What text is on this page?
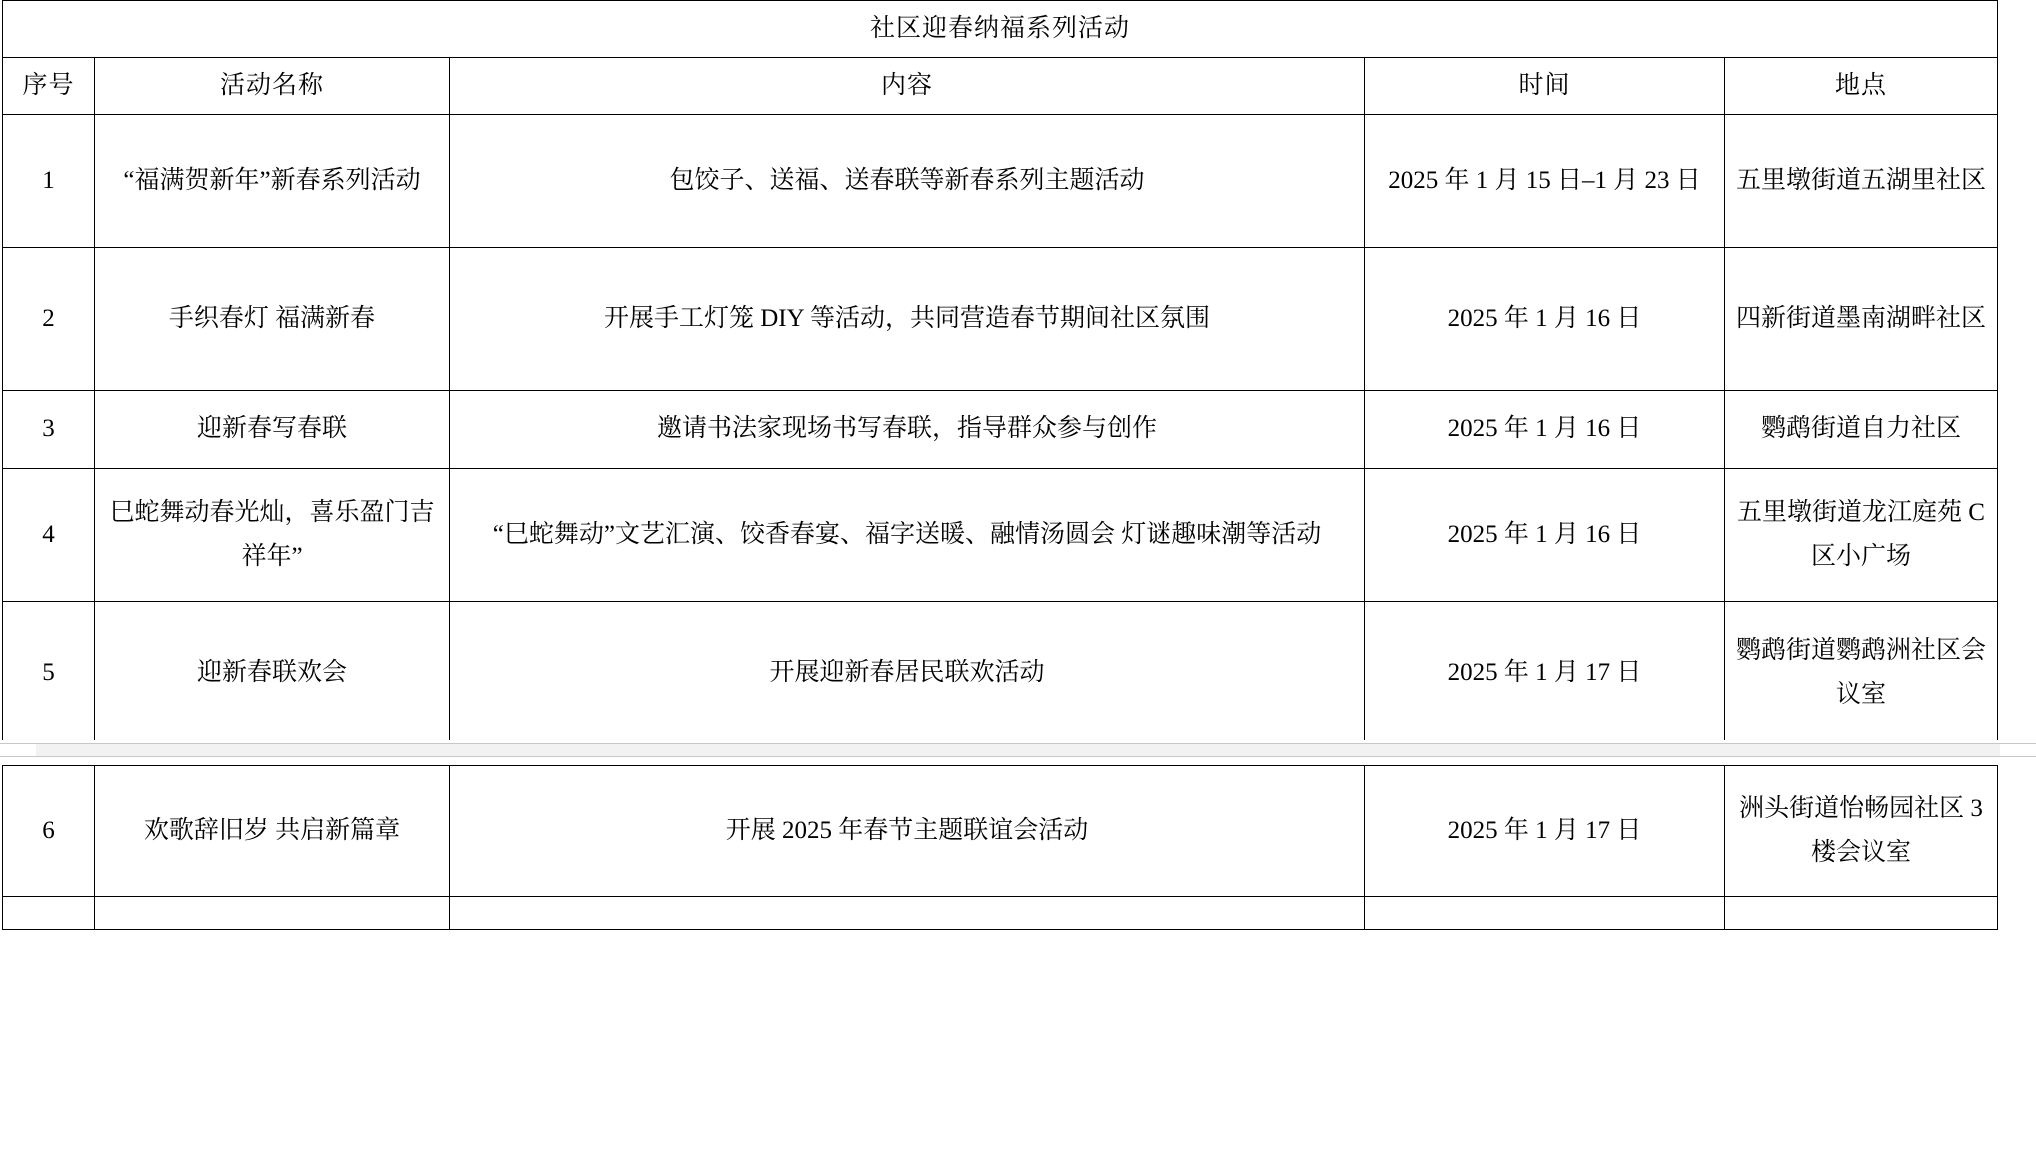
社区迎春纳福系列活动				
序号	活动名称	内容	时间	地点
1	“福满贺新年”新春系列活动	包饺子、送福、送春联等新春系列主题活动	2025 年 1 月 15 日–1 月 23 日	五里墩街道五湖里社区
2	手织春灯 福满新春	开展手工灯笼 DIY 等活动，共同营造春节期间社区氛围	2025 年 1 月 16 日	四新街道墨南湖畔社区
3	迎新春写春联	邀请书法家现场书写春联，指导群众参与创作	2025 年 1 月 16 日	鹦鹉街道自力社区
4	巳蛇舞动春光灿，喜乐盈门吉祥年”	“巳蛇舞动”文艺汇演、饺香春宴、福字送暖、融情汤圆会 灯谜趣味潮等活动	2025 年 1 月 16 日	五里墩街道龙江庭苑 C 区小广场
5	迎新春联欢会	开展迎新春居民联欢活动	2025 年 1 月 17 日	鹦鹉街道鹦鹉洲社区会议室

6	欢歌辞旧岁 共启新篇章	开展 2025 年春节主题联谊会活动	2025 年 1 月 17 日	洲头街道怡畅园社区 3 楼会议室
